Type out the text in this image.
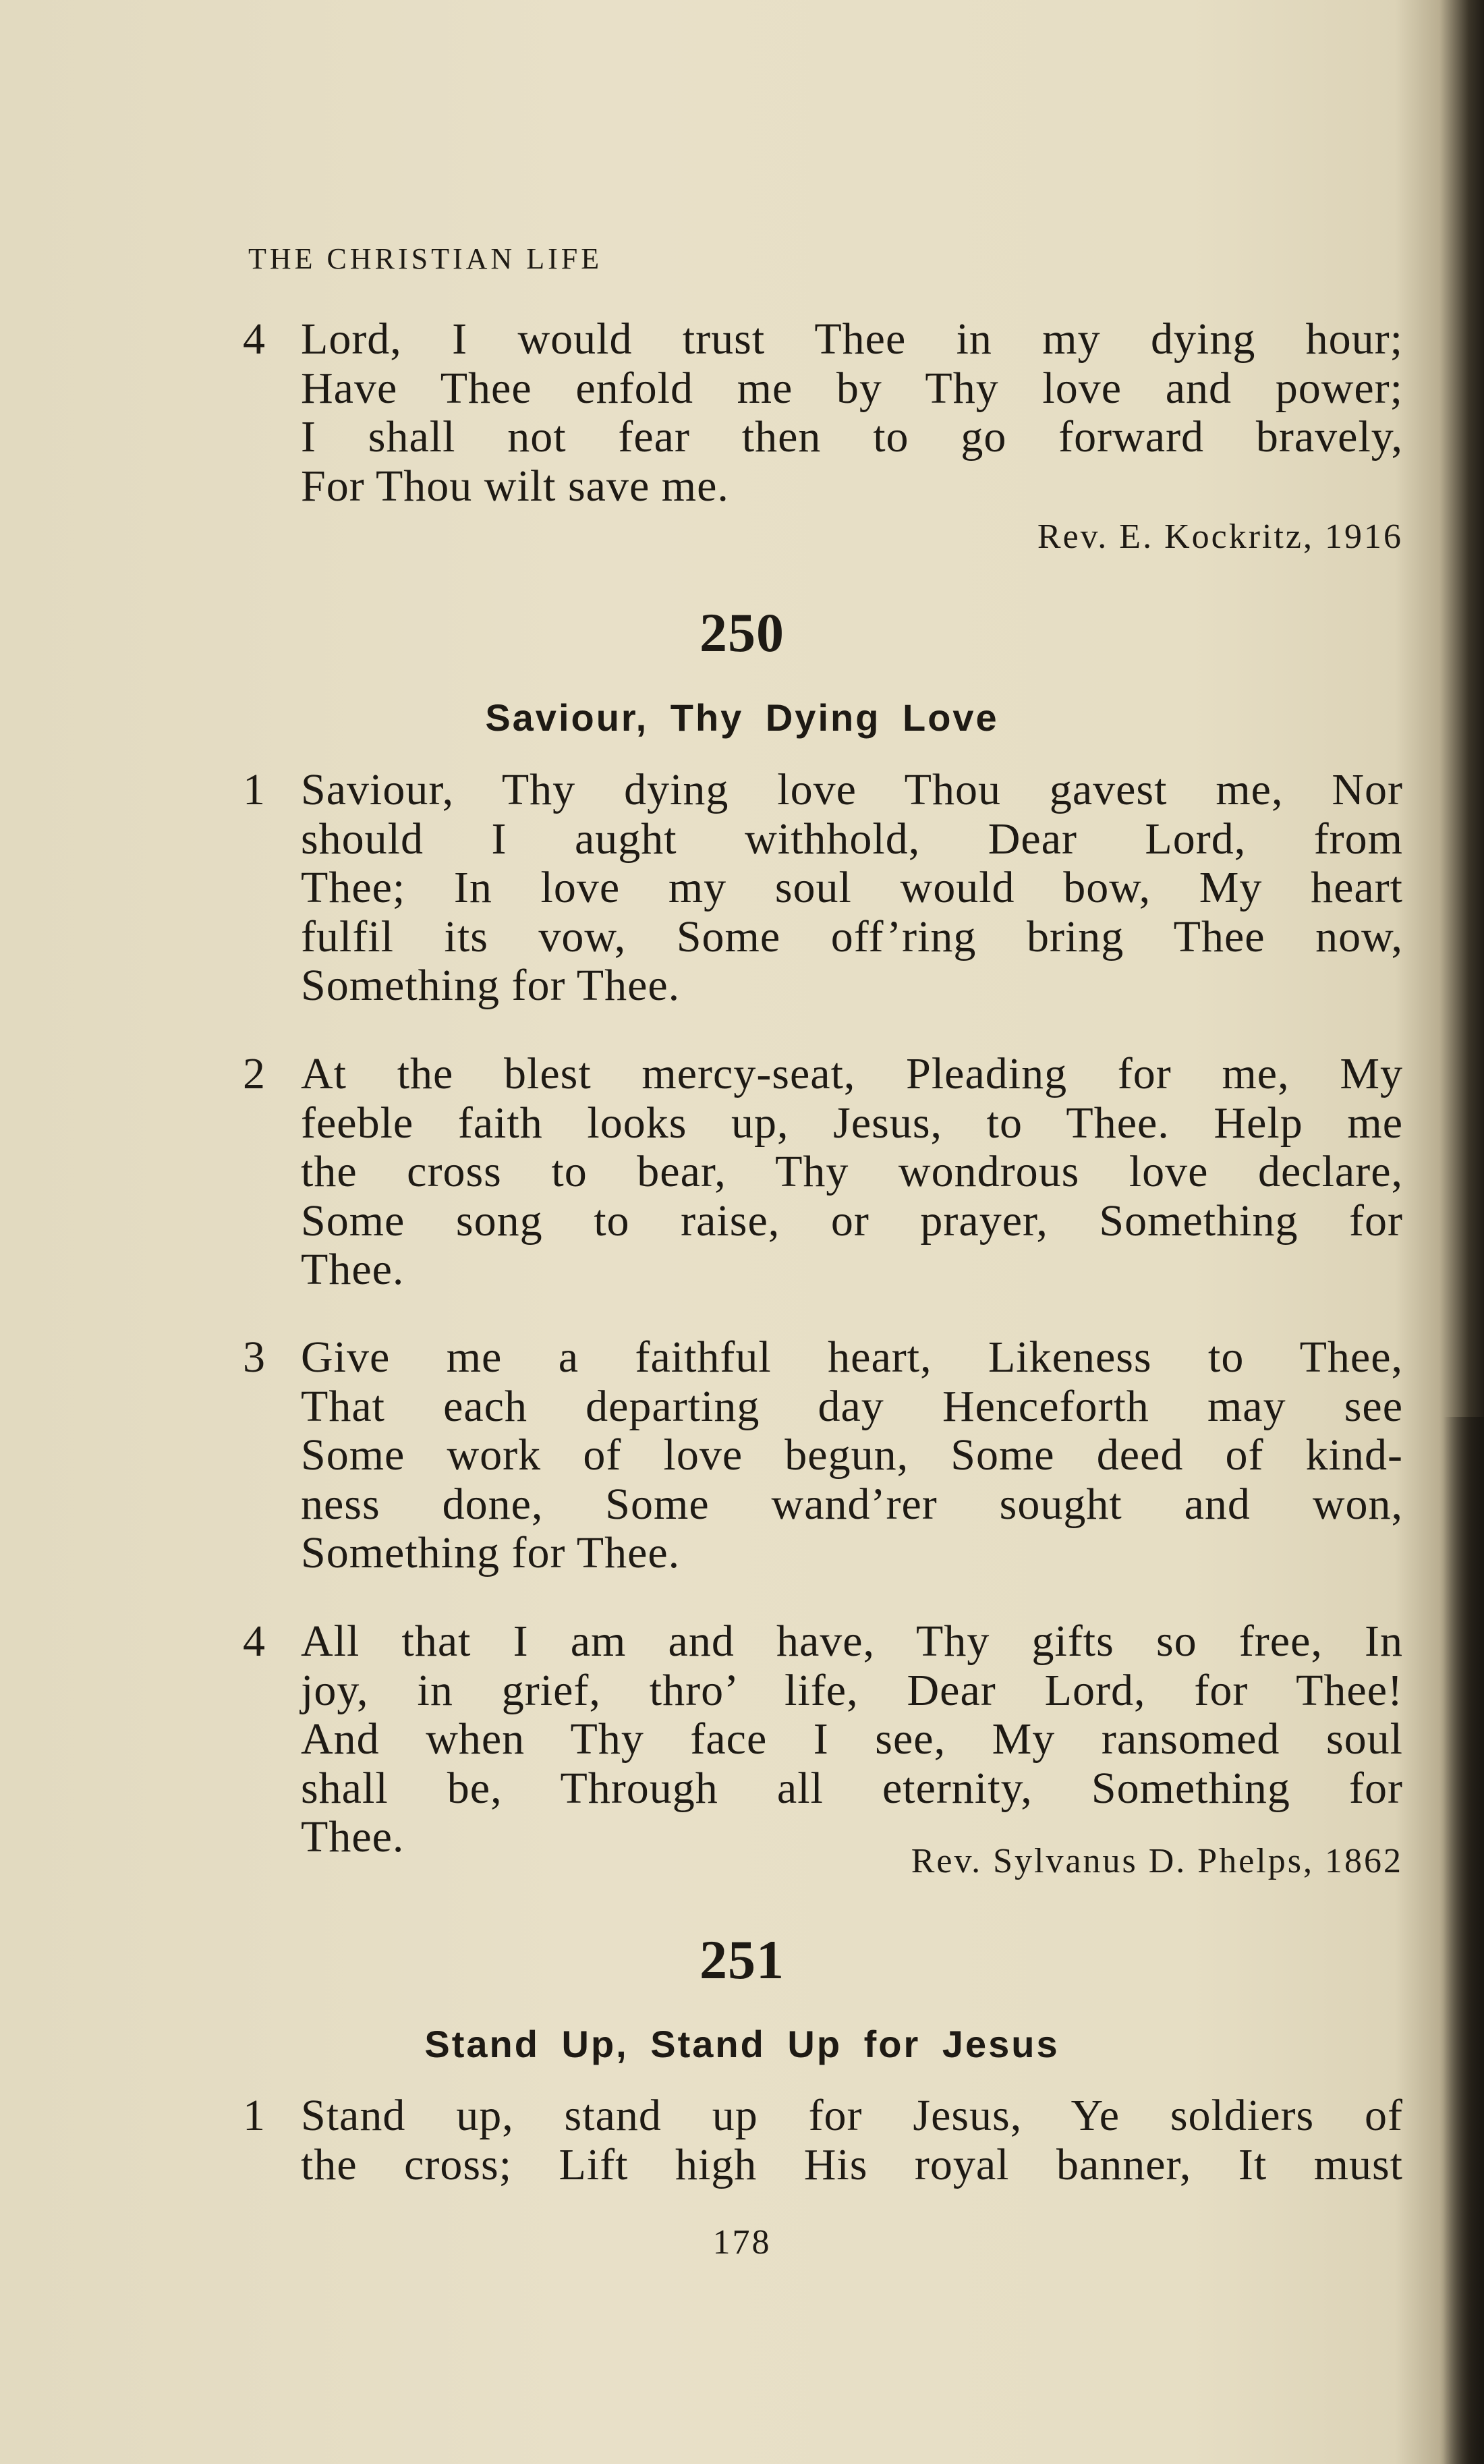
THE CHRISTIAN LIFE
4 Lord, I would trust Thee in my dying hour;
Have Thee enfold me by Thy love and power;
I shall not fear then to go forward bravely,
For Thou wilt save me.
Rev. E. Kockritz, 1916
250
Saviour, Thy Dying Love
1 Saviour, Thy dying love Thou gavest me, Nor
should I aught withhold, Dear Lord, from
Thee; In love my soul would bow, My heart
fulfil its vow, Some off’ring bring Thee now,
Something for Thee.
2 At the blest mercy-seat, Pleading for me, My
feeble faith looks up, Jesus, to Thee. Help me
the cross to bear, Thy wondrous love declare,
Some song to raise, or prayer, Something for
Thee.
3 Give me a faithful heart, Likeness to Thee,
That each departing day Henceforth may see
Some work of love begun, Some deed of kind-
ness done, Some wand’rer sought and won,
Something for Thee.
4 All that I am and have, Thy gifts so free, In
joy, in grief, thro’ life, Dear Lord, for Thee!
And when Thy face I see, My ransomed soul
shall be, Through all eternity, Something for
Thee.	Rev. Sylvanus D. Phelps, 1862
251
Stand Up, Stand Up for Jesus
1 Stand up, stand up for Jesus, Ye soldiers of
the cross; Lift high His royal banner, It must
178
